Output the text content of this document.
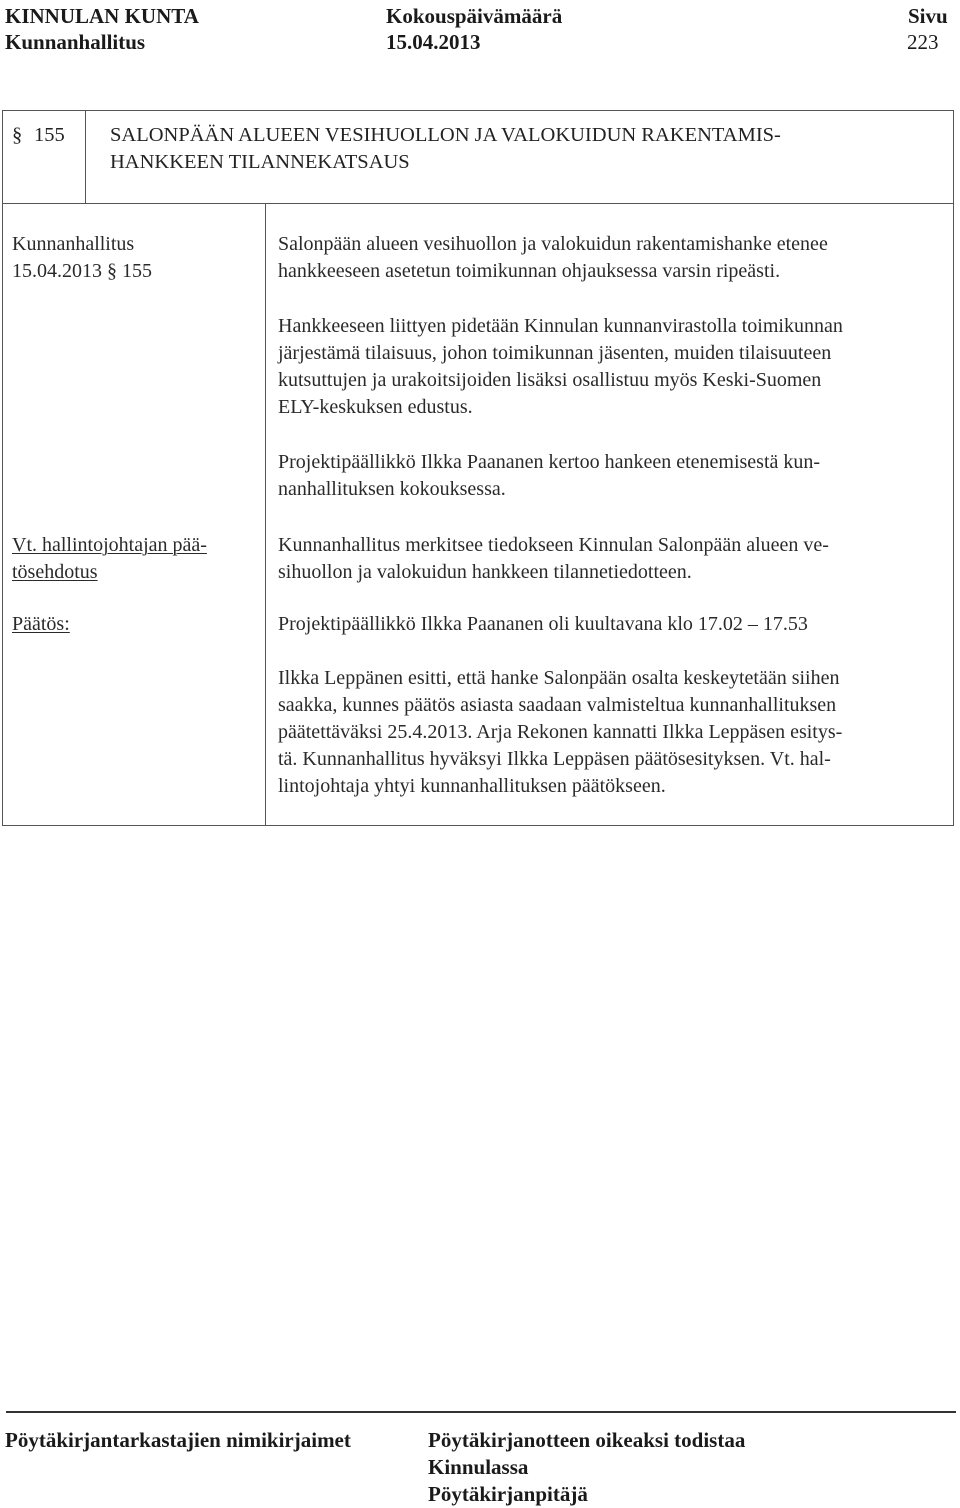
KINNULAN KUNTA
Kunnanhallitus
Kokouspäivämäärä
15.04.2013
Sivu
223
§ 155 SALONPÄÄN ALUEEN VESIHUOLLON JA VALOKUIDUN RAKENTAMIS-
HANKKEEN TILANNEKATSAUS
Kunnanhallitus
15.04.2013 § 155
Vt. hallintojohtajan pää-
tösehdotus
Päätös:
Salonpään alueen vesihuollon ja valokuidun rakentamishanke etenee
hankkeeseen asetetun toimikunnan ohjauksessa varsin ripeästi.
Hankkeeseen liittyen pidetään Kinnulan kunnanvirastolla toimikunnan
järjestämä tilaisuus, johon toimikunnan jäsenten, muiden tilaisuuteen
kutsuttujen ja urakoitsijoiden lisäksi osallistuu myös Keski-Suomen
ELY-keskuksen edustus.
Projektipäällikkö Ilkka Paananen kertoo hankeen etenemisestä kun-
nanhallituksen kokouksessa.
Kunnanhallitus merkitsee tiedokseen Kinnulan Salonpään alueen ve-
sihuollon ja valokuidun hankkeen tilannetiedotteen.
Projektipäällikkö Ilkka Paananen oli kuultavana klo 17.02 – 17.53
Ilkka Leppänen esitti, että hanke Salonpään osalta keskeytetään siihen
saakka, kunnes päätös asiasta saadaan valmisteltua kunnanhallituksen
päätettäväksi 25.4.2013. Arja Rekonen kannatti Ilkka Leppäsen esitys-
tä. Kunnanhallitus hyväksyi Ilkka Leppäsen päätösesityksen. Vt. hal-
lintojohtaja yhtyi kunnanhallituksen päätökseen.
Pöytäkirjantarkastajien nimikirjaimet	Pöytäkirjanotteen oikeaksi todistaa
Kinnulassa
Pöytäkirjanpitäjä
